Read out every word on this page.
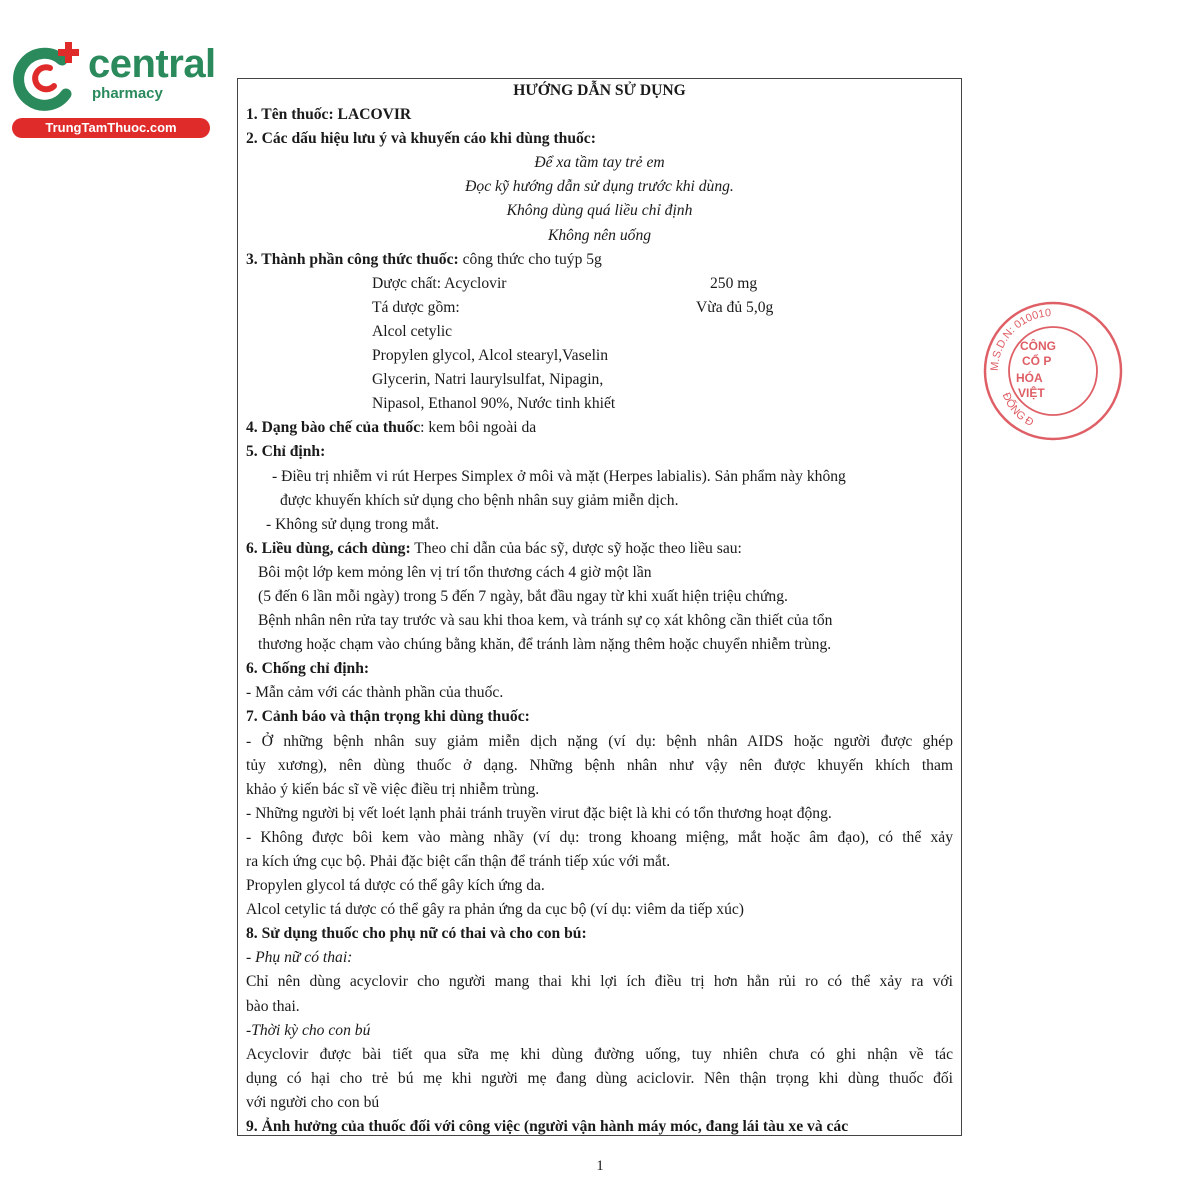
central
pharmacy
TrungTamThuoc.com
HƯỚNG DẪN SỬ DỤNG
1. Tên thuốc: LACOVIR
2. Các dấu hiệu lưu ý và khuyến cáo khi dùng thuốc:
Để xa tầm tay trẻ em
Đọc kỹ hướng dẫn sử dụng trước khi dùng.
Không dùng quá liều chỉ định
Không nên uống
3. Thành phần công thức thuốc: công thức cho tuýp 5g
Dược chất: Acyclovir	250 mg
Tá dược gồm:	Vừa đủ 5,0g
Alcol cetylic
Propylen glycol, Alcol stearyl,Vaselin
Glycerin, Natri laurylsulfat, Nipagin,
Nipasol, Ethanol 90%, Nước tinh khiết
4. Dạng bào chế của thuốc: kem bôi ngoài da
5. Chỉ định:
- Điều trị nhiễm vi rút Herpes Simplex ở môi và mặt (Herpes labialis). Sản phẩm này không
được khuyến khích sử dụng cho bệnh nhân suy giảm miễn dịch.
- Không sử dụng trong mắt.
6. Liều dùng, cách dùng: Theo chỉ dẫn của bác sỹ, dược sỹ hoặc theo liều sau:
Bôi một lớp kem mỏng lên vị trí tổn thương cách 4 giờ một lần
(5 đến 6 lần mỗi ngày) trong 5 đến 7 ngày, bắt đầu ngay từ khi xuất hiện triệu chứng.
Bệnh nhân nên rửa tay trước và sau khi thoa kem, và tránh sự cọ xát không cần thiết của tổn
thương hoặc chạm vào chúng bằng khăn, để tránh làm nặng thêm hoặc chuyển nhiễm trùng.
6. Chống chỉ định:
- Mẫn cảm với các thành phần của thuốc.
7. Cảnh báo và thận trọng khi dùng thuốc:
- Ở những bệnh nhân suy giảm miễn dịch nặng (ví dụ: bệnh nhân AIDS hoặc người được ghép
tủy xương), nên dùng thuốc ở dạng. Những bệnh nhân như vậy nên được khuyến khích tham
khảo ý kiến bác sĩ về việc điều trị nhiễm trùng.
- Những người bị vết loét lạnh phải tránh truyền virut đặc biệt là khi có tổn thương hoạt động.
- Không được bôi kem vào màng nhầy (ví dụ: trong khoang miệng, mắt hoặc âm đạo), có thể xảy
ra kích ứng cục bộ. Phải đặc biệt cẩn thận để tránh tiếp xúc với mắt.
Propylen glycol tá dược có thể gây kích ứng da.
Alcol cetylic tá dược có thể gây ra phản ứng da cục bộ (ví dụ: viêm da tiếp xúc)
8. Sử dụng thuốc cho phụ nữ có thai và cho con bú:
- Phụ nữ có thai:
Chỉ nên dùng acyclovir cho người mang thai khi lợi ích điều trị hơn hẳn rủi ro có thể xảy ra với
bào thai.
-Thời kỳ cho con bú
Acyclovir được bài tiết qua sữa mẹ khi dùng đường uống, tuy nhiên chưa có ghi nhận về tác
dụng có hại cho trẻ bú mẹ khi người mẹ đang dùng aciclovir. Nên thận trọng khi dùng thuốc đối
với người cho con bú
9. Ảnh hưởng của thuốc đối với công việc (người vận hành máy móc, đang lái tàu xe và các
M.S.D.N: 010010
ĐỐNG Đ
CÔNG
CỔ P
HÓA
VIỆT
1
